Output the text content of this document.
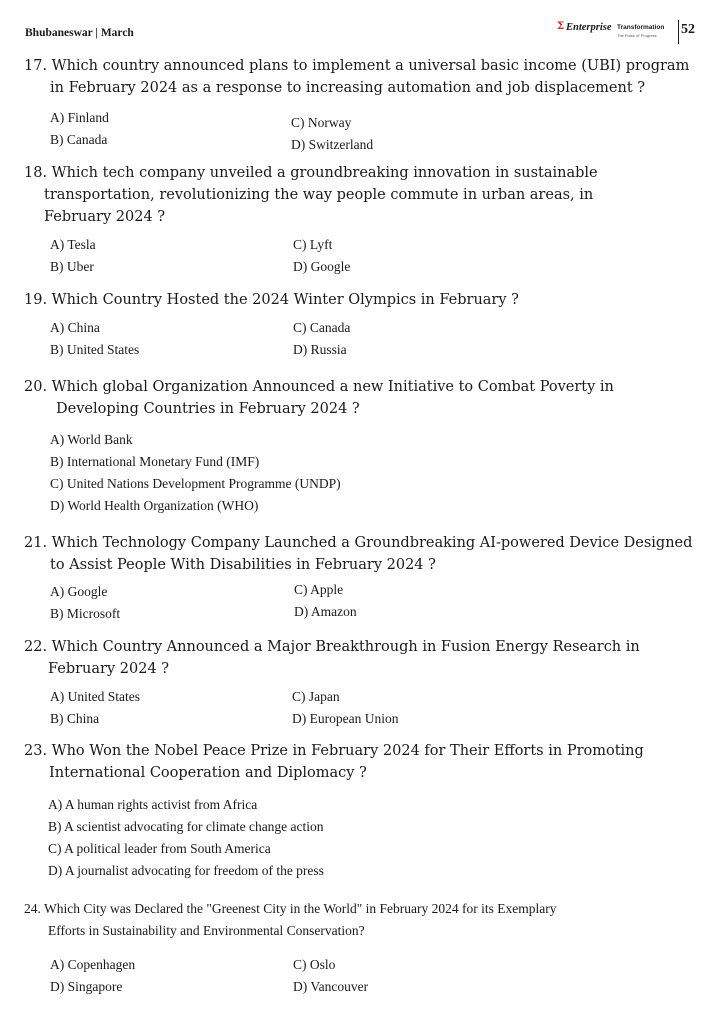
Bhubaneswar | March
Σ Enterprise Transformation
The Pulse of Progress 52
17. Which country announced plans to implement a universal basic income (UBI) program
in February 2024 as a response to increasing automation and job displacement ?
A) Finland
B) Canada
C) Norway
D) Switzerland
18. Which tech company unveiled a groundbreaking innovation in sustainable
transportation, revolutionizing the way people commute in urban areas, in
February 2024 ?
A) Tesla
B) Uber
C) Lyft
D) Google
19. Which Country Hosted the 2024 Winter Olympics in February ?
A) China
B) United States
C) Canada
D) Russia
20. Which global Organization Announced a new Initiative to Combat Poverty in
Developing Countries in February 2024 ?
A) World Bank
B) International Monetary Fund (IMF)
C) United Nations Development Programme (UNDP)
D) World Health Organization (WHO)
21. Which Technology Company Launched a Groundbreaking AI-powered Device Designed
to Assist People With Disabilities in February 2024 ?
A) Google
B) Microsoft
C) Apple
D) Amazon
22. Which Country Announced a Major Breakthrough in Fusion Energy Research in
February 2024 ?
A) United States
B) China
C) Japan
D) European Union
23. Who Won the Nobel Peace Prize in February 2024 for Their Efforts in Promoting
International Cooperation and Diplomacy ?
A) A human rights activist from Africa
B) A scientist advocating for climate change action
C) A political leader from South America
D) A journalist advocating for freedom of the press
24. Which City was Declared the "Greenest City in the World" in February 2024 for its Exemplary
Efforts in Sustainability and Environmental Conservation?
A) Copenhagen
D) Singapore
C) Oslo
D) Vancouver
